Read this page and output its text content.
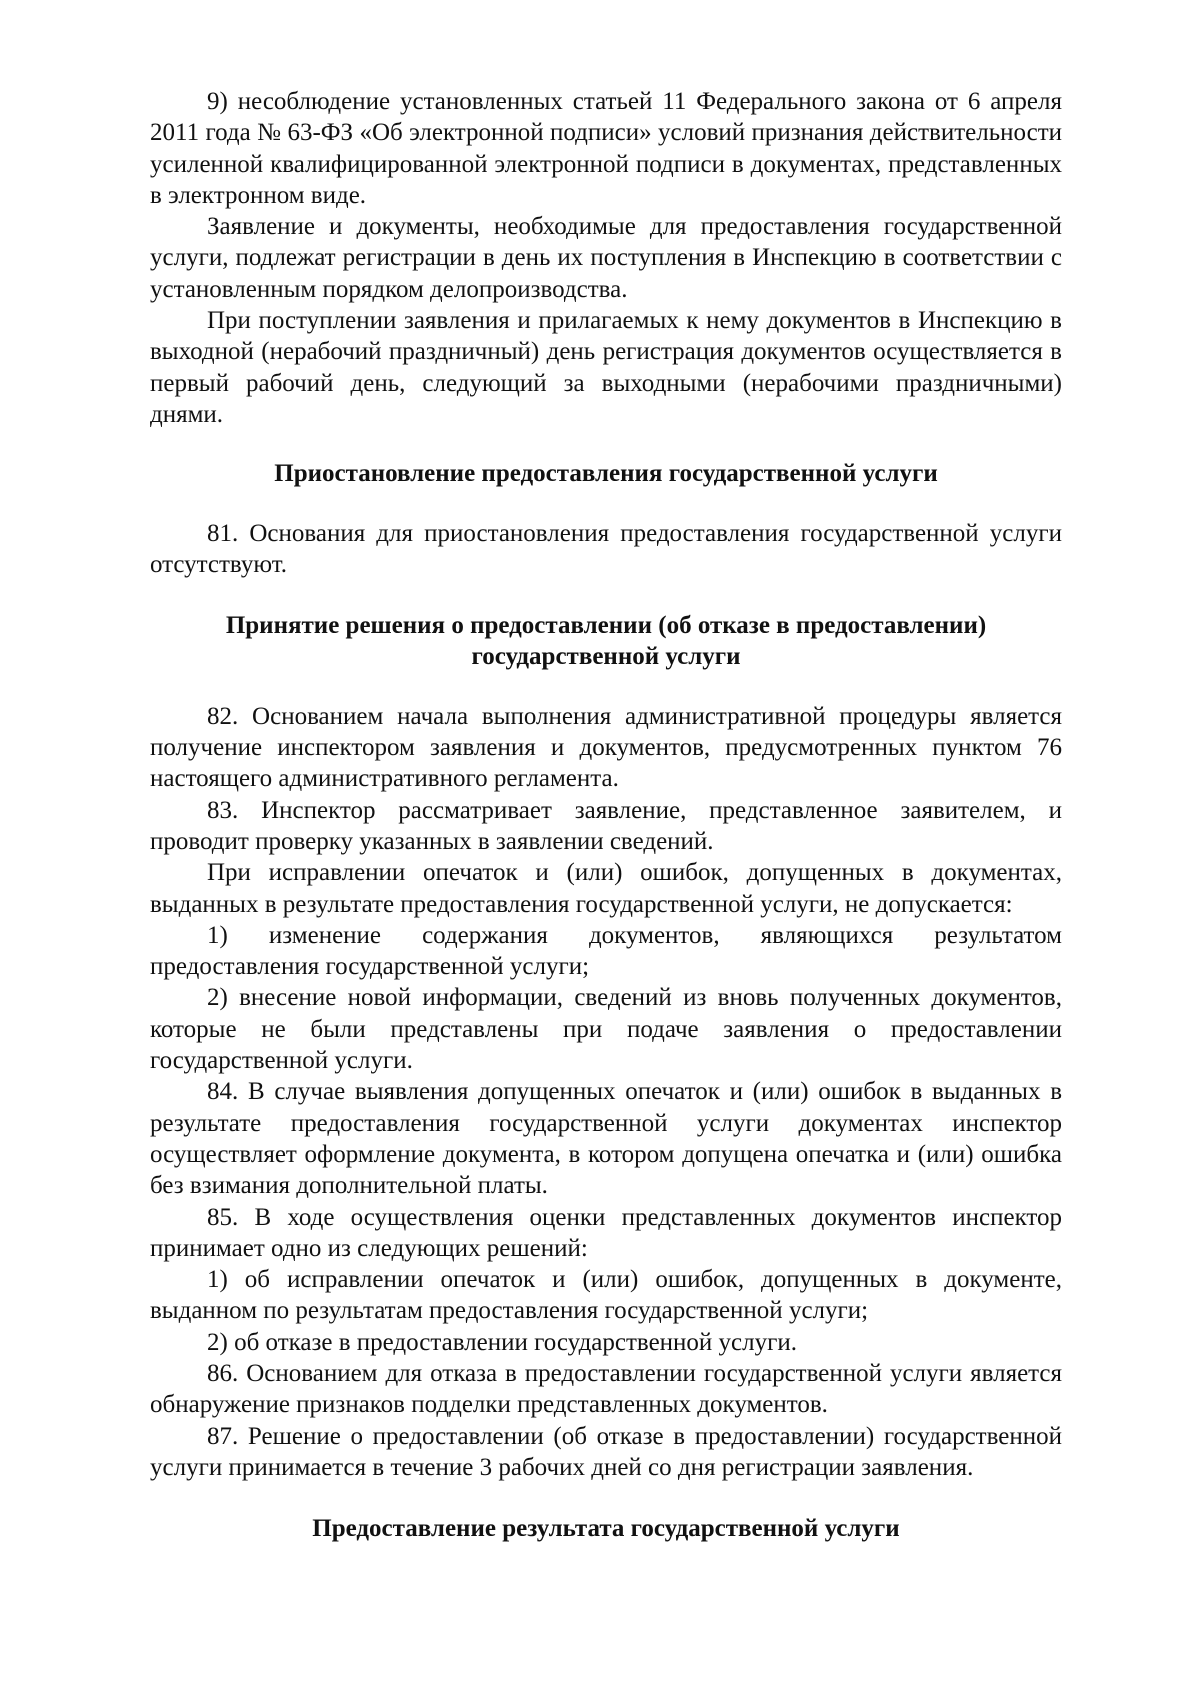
9) несоблюдение установленных статьей 11 Федерального закона от 6 апреля 2011 года № 63-ФЗ «Об электронной подписи» условий признания действительности усиленной квалифицированной электронной подписи в документах, представленных в электронном виде.

Заявление и документы, необходимые для предоставления государственной услуги, подлежат регистрации в день их поступления в Инспекцию в соответствии с установленным порядком делопроизводства.

При поступлении заявления и прилагаемых к нему документов в Инспекцию в выходной (нерабочий праздничный) день регистрация документов осуществляется в первый рабочий день, следующий за выходными (нерабочими праздничными) днями.

Приостановление предоставления государственной услуги

81. Основания для приостановления предоставления государственной услуги отсутствуют.

Принятие решения о предоставлении (об отказе в предоставлении)
государственной услуги

82. Основанием начала выполнения административной процедуры является получение инспектором заявления и документов, предусмотренных пунктом 76 настоящего административного регламента.

83. Инспектор рассматривает заявление, представленное заявителем, и проводит проверку указанных в заявлении сведений.

При исправлении опечаток и (или) ошибок, допущенных в документах, выданных в результате предоставления государственной услуги, не допускается:

1) изменение содержания документов, являющихся результатом предоставления государственной услуги;

2) внесение новой информации, сведений из вновь полученных документов, которые не были представлены при подаче заявления о предоставлении государственной услуги.

84. В случае выявления допущенных опечаток и (или) ошибок в выданных в результате предоставления государственной услуги документах инспектор осуществляет оформление документа, в котором допущена опечатка и (или) ошибка без взимания дополнительной платы.

85. В ходе осуществления оценки представленных документов инспектор принимает одно из следующих решений:

1) об исправлении опечаток и (или) ошибок, допущенных в документе, выданном по результатам предоставления государственной услуги;

2) об отказе в предоставлении государственной услуги.

86. Основанием для отказа в предоставлении государственной услуги является обнаружение признаков подделки представленных документов.

87. Решение о предоставлении (об отказе в предоставлении) государственной услуги принимается в течение 3 рабочих дней со дня регистрации заявления.

Предоставление результата государственной услуги
